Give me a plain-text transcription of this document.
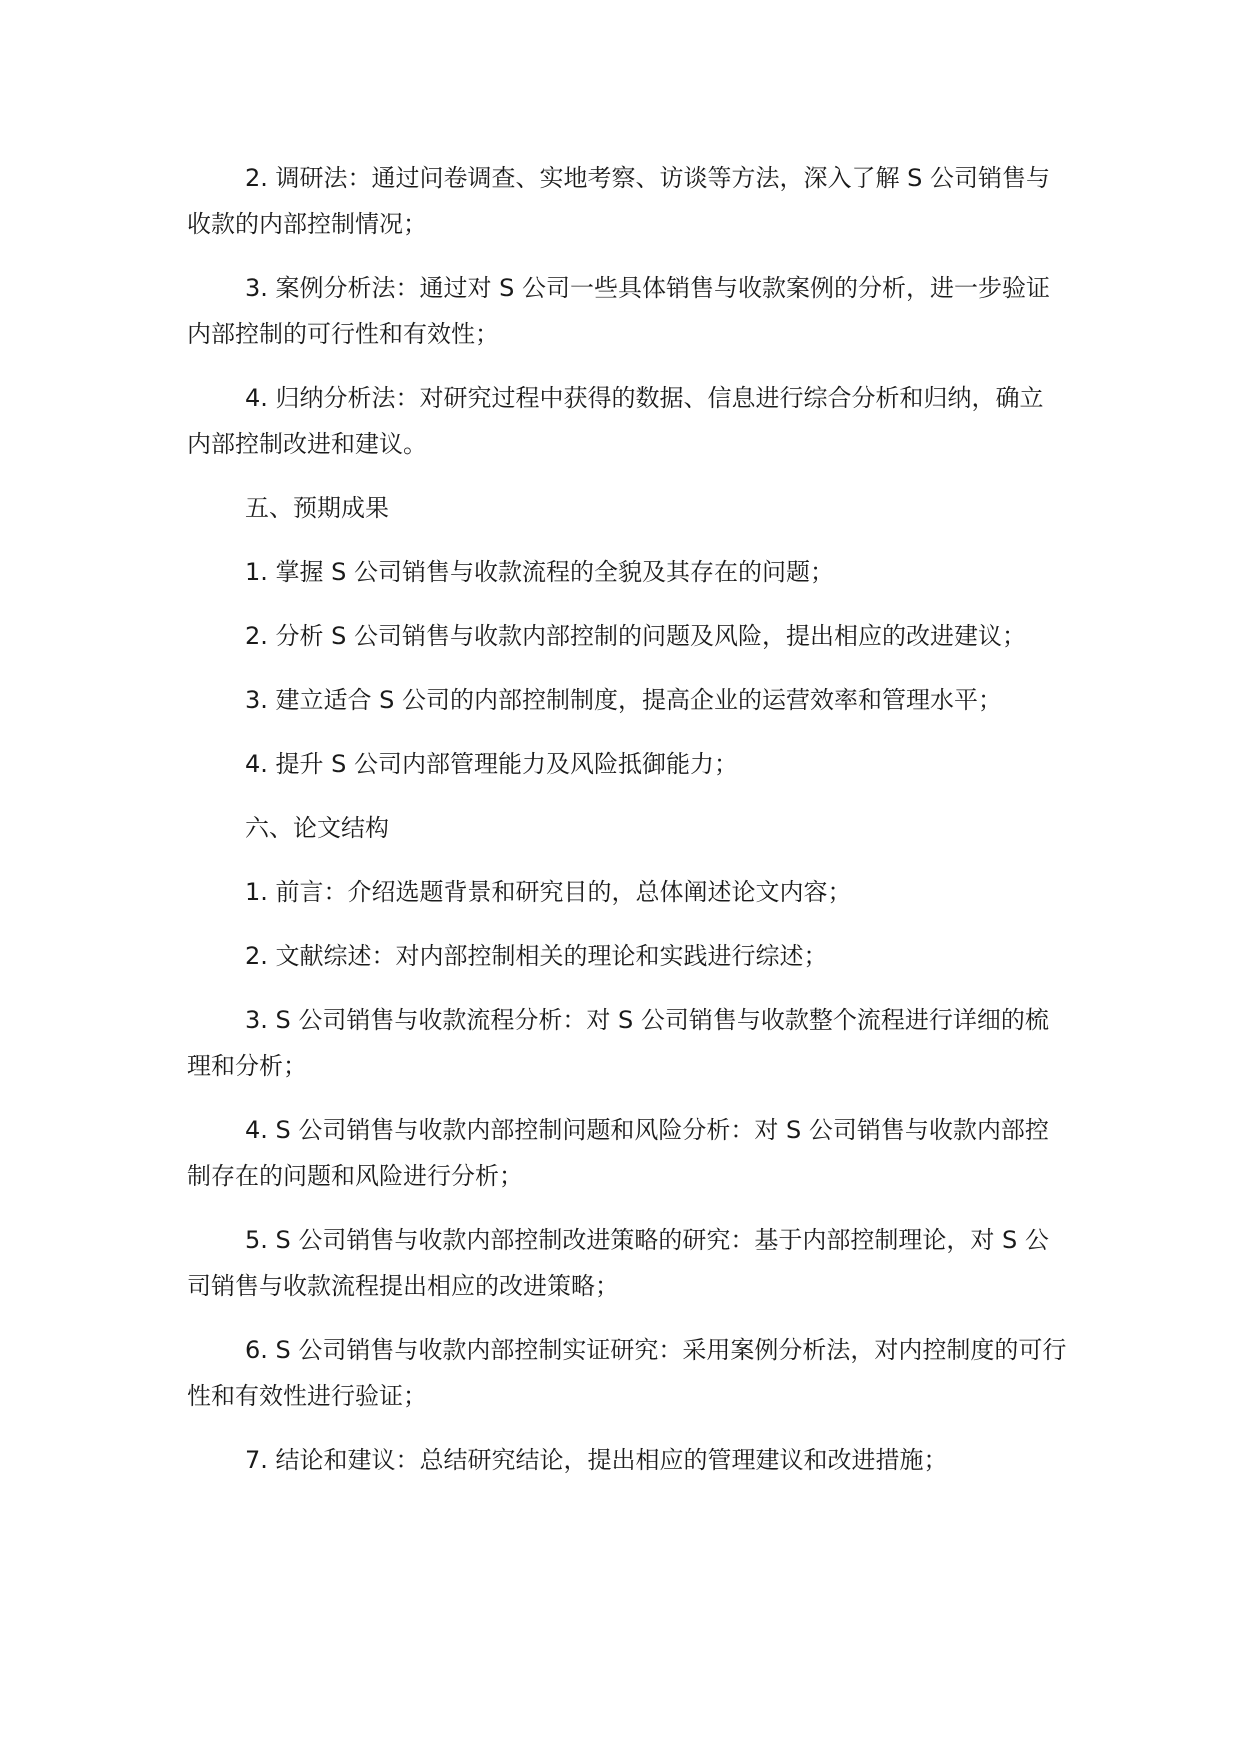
2. 调研法：通过问卷调查、实地考察、访谈等方法，深入了解 S 公司销售与收款的内部控制情况；

3. 案例分析法：通过对 S 公司一些具体销售与收款案例的分析，进一步验证内部控制的可行性和有效性；

4. 归纳分析法：对研究过程中获得的数据、信息进行综合分析和归纳，确立内部控制改进和建议。

五、预期成果

1. 掌握 S 公司销售与收款流程的全貌及其存在的问题；

2. 分析 S 公司销售与收款内部控制的问题及风险，提出相应的改进建议；

3. 建立适合 S 公司的内部控制制度，提高企业的运营效率和管理水平；

4. 提升 S 公司内部管理能力及风险抵御能力；

六、论文结构

1. 前言：介绍选题背景和研究目的，总体阐述论文内容；

2. 文献综述：对内部控制相关的理论和实践进行综述；

3. S 公司销售与收款流程分析：对 S 公司销售与收款整个流程进行详细的梳理和分析；

4. S 公司销售与收款内部控制问题和风险分析：对 S 公司销售与收款内部控制存在的问题和风险进行分析；

5. S 公司销售与收款内部控制改进策略的研究：基于内部控制理论，对 S 公司销售与收款流程提出相应的改进策略；

6. S 公司销售与收款内部控制实证研究：采用案例分析法，对内控制度的可行性和有效性进行验证；

7. 结论和建议：总结研究结论，提出相应的管理建议和改进措施；
